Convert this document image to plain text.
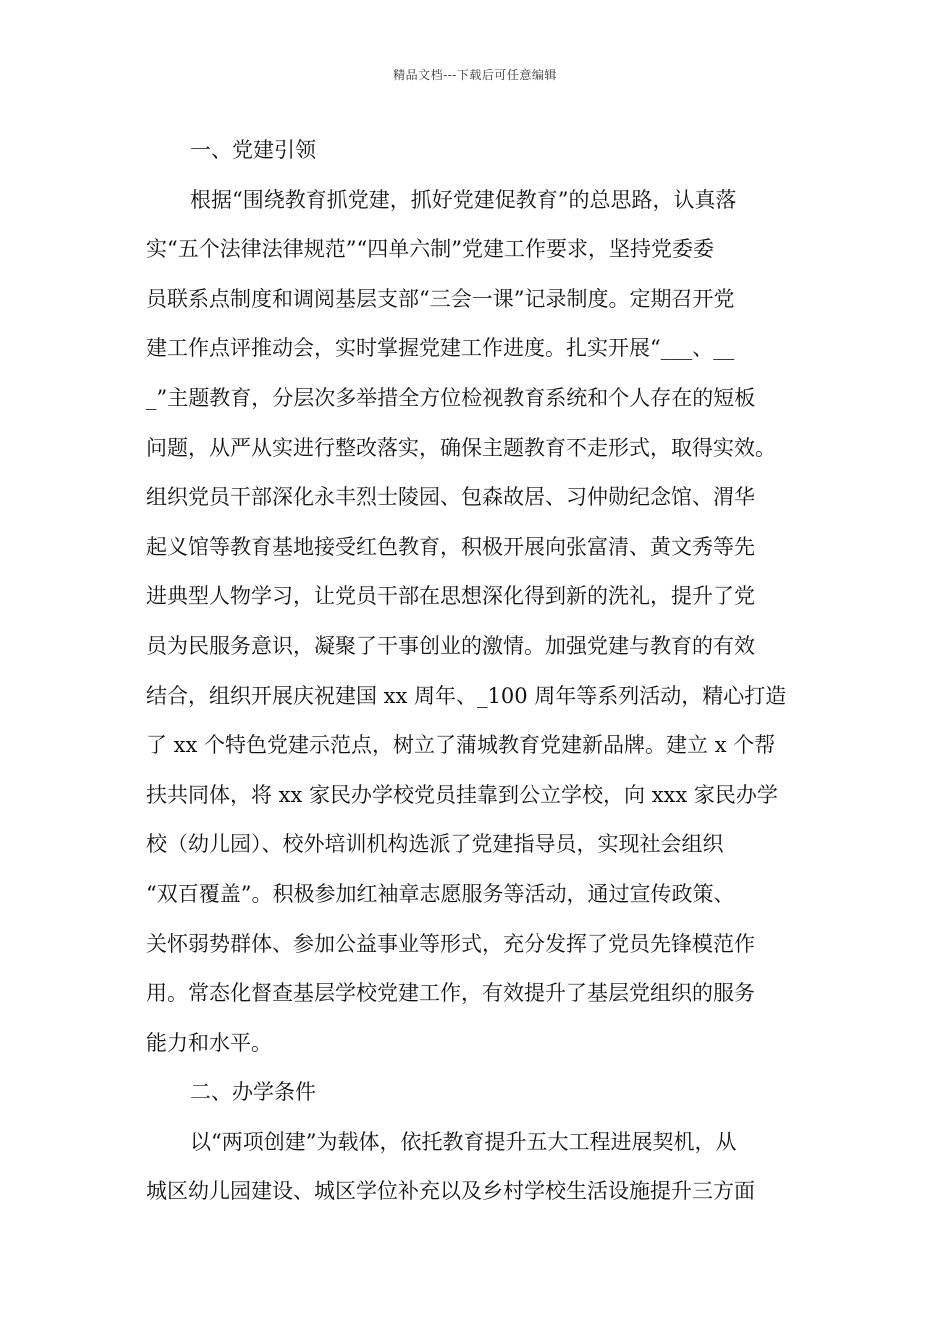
精品文档---下载后可任意编辑
一、党建引领
根据“围绕教育抓党建，抓好党建促教育”的总思路，认真落
实“五个法律法律规范”“四单六制”党建工作要求，坚持党委委
员联系点制度和调阅基层支部“三会一课”记录制度。定期召开党
建工作点评推动会，实时掌握党建工作进度。扎实开展“___、__
_”主题教育，分层次多举措全方位检视教育系统和个人存在的短板
问题，从严从实进行整改落实，确保主题教育不走形式，取得实效。
组织党员干部深化永丰烈士陵园、包森故居、习仲勋纪念馆、渭华
起义馆等教育基地接受红色教育，积极开展向张富清、黄文秀等先
进典型人物学习，让党员干部在思想深化得到新的洗礼，提升了党
员为民服务意识，凝聚了干事创业的激情。加强党建与教育的有效
结合，组织开展庆祝建国 xx 周年、_100 周年等系列活动，精心打造
了 xx 个特色党建示范点，树立了蒲城教育党建新品牌。建立 x 个帮
扶共同体，将 xx 家民办学校党员挂靠到公立学校，向 xxx 家民办学
校（幼儿园）、校外培训机构选派了党建指导员，实现社会组织
“双百覆盖”。积极参加红袖章志愿服务等活动，通过宣传政策、
关怀弱势群体、参加公益事业等形式，充分发挥了党员先锋模范作
用。常态化督查基层学校党建工作，有效提升了基层党组织的服务
能力和水平。
二、办学条件
以“两项创建”为载体，依托教育提升五大工程进展契机，从
城区幼儿园建设、城区学位补充以及乡村学校生活设施提升三方面
